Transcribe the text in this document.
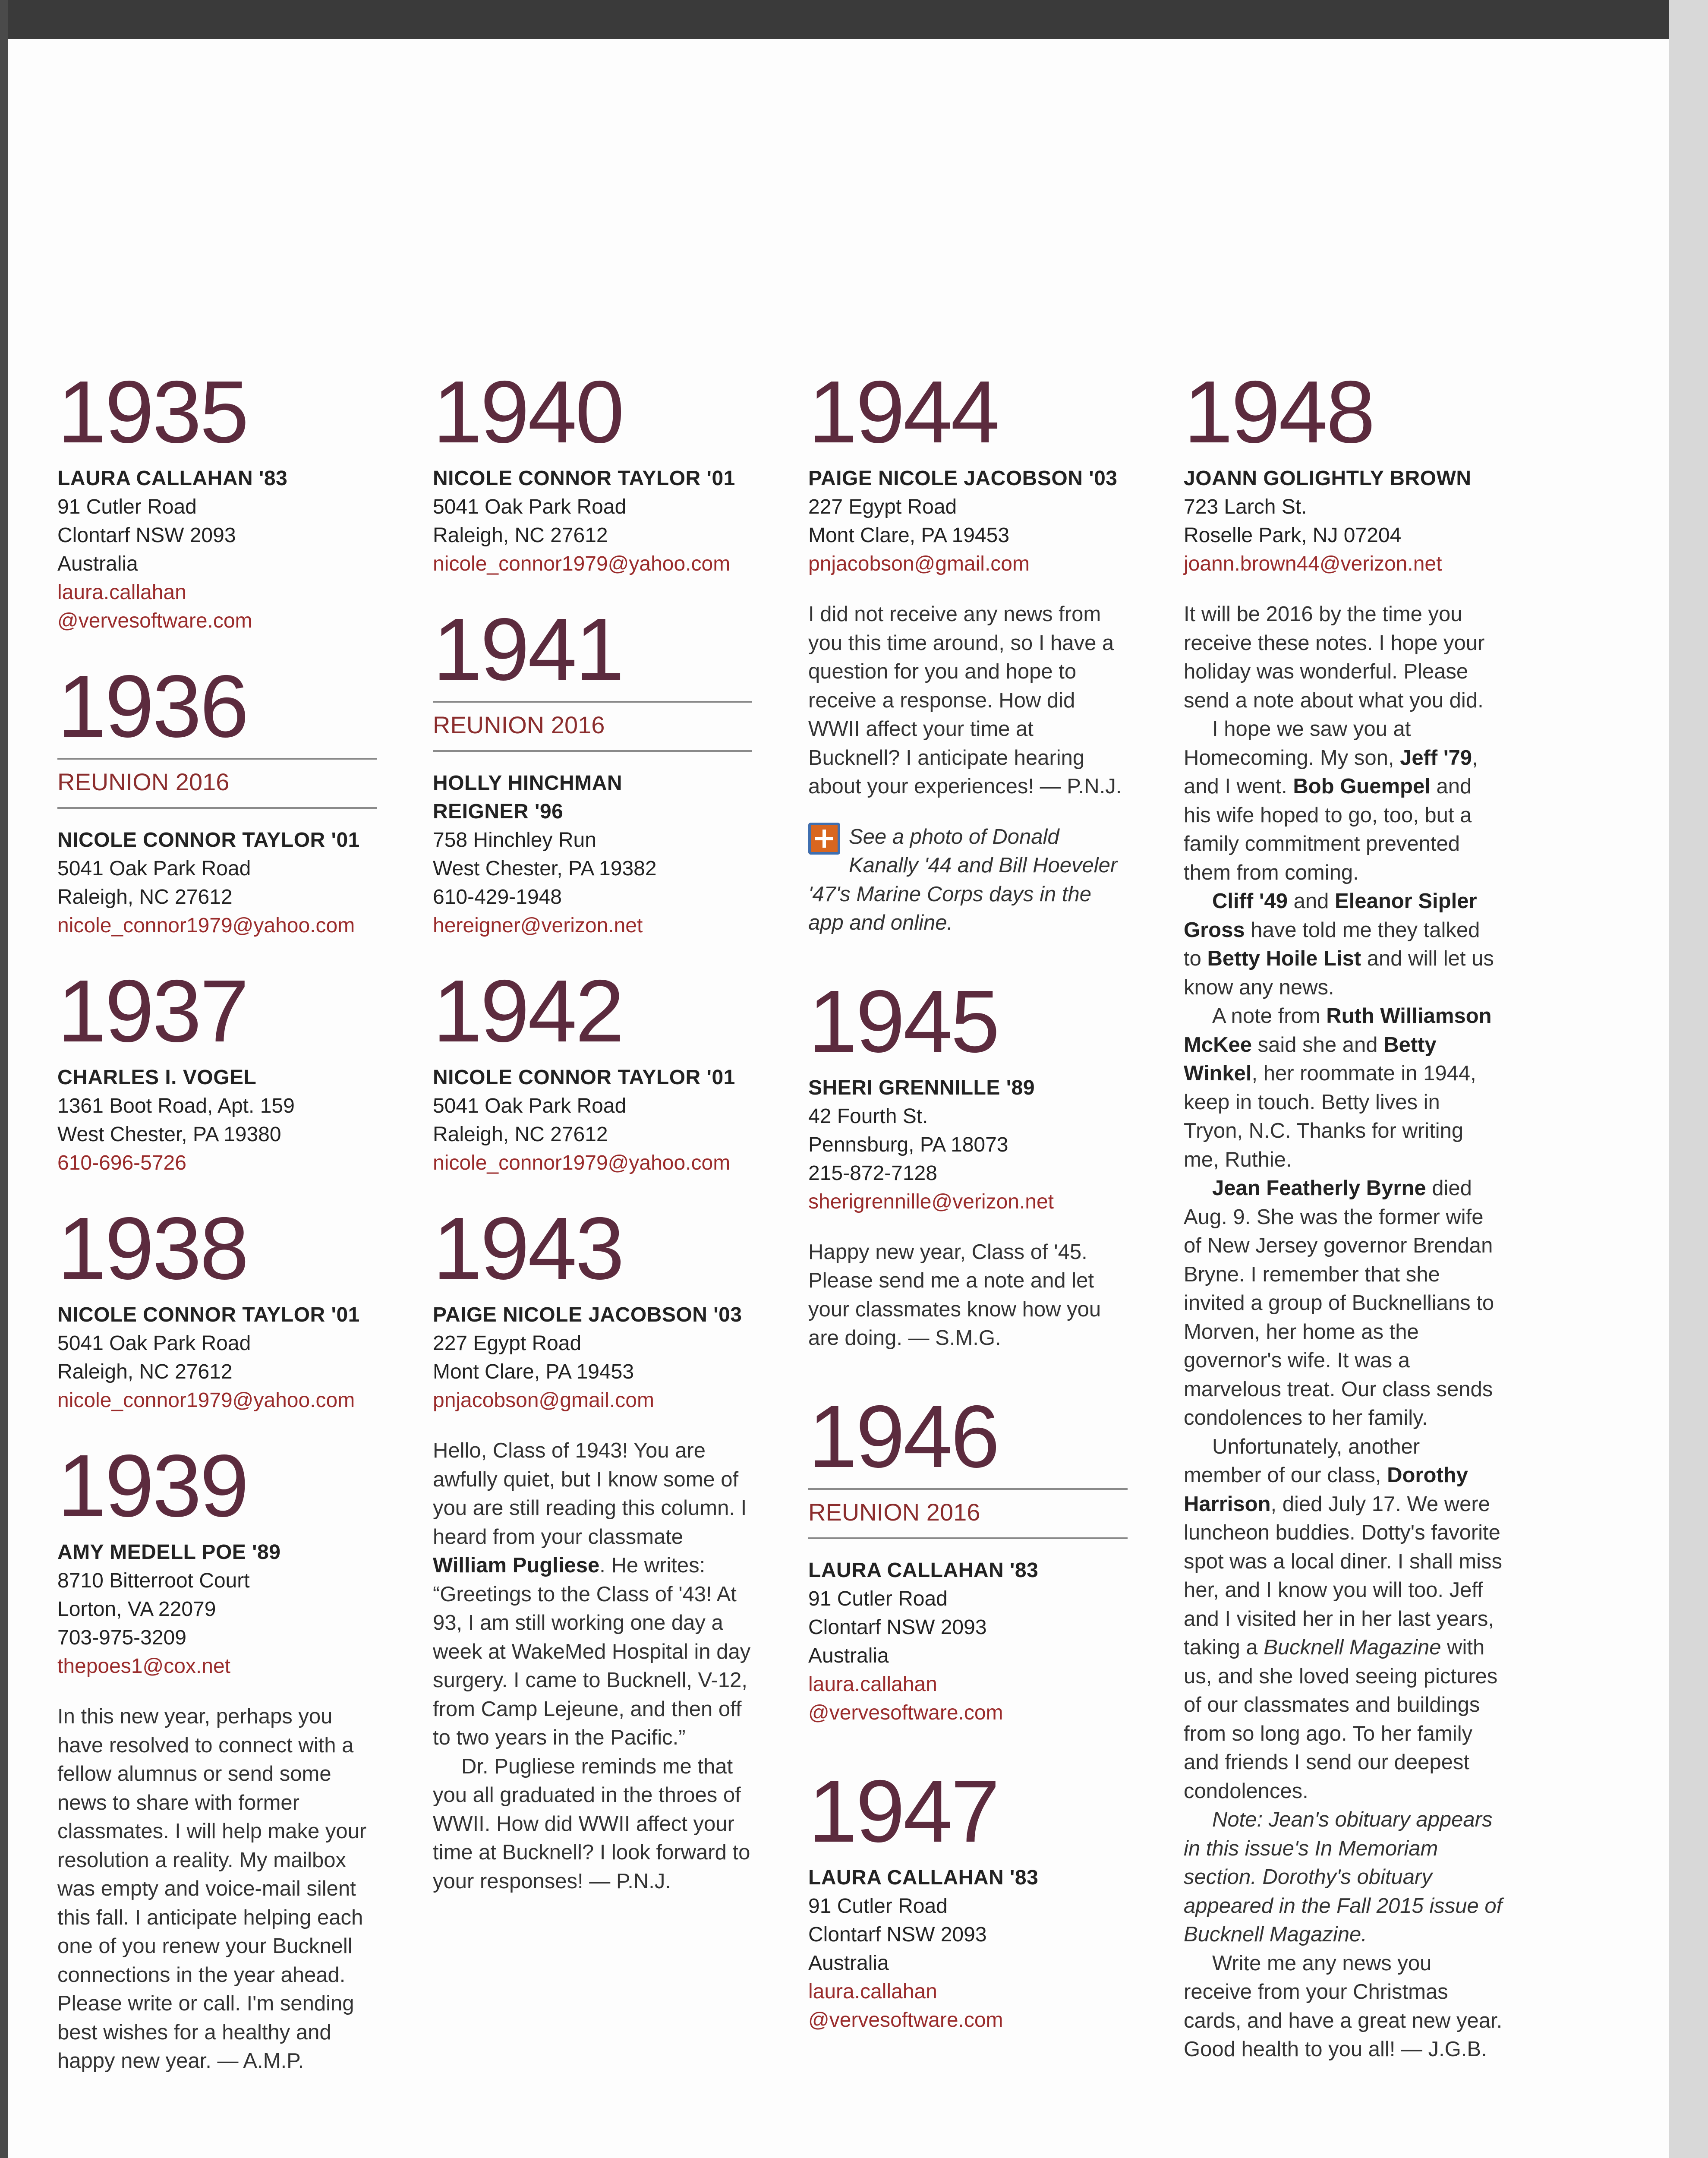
1935
LAURA CALLAHAN '83
91 Cutler Road
Clontarf NSW 2093
Australia
laura.callahan
@vervesoftware.com
1936
REUNION 2016
NICOLE CONNOR TAYLOR '01
5041 Oak Park Road
Raleigh, NC 27612
nicole_connor1979@yahoo.com
1937
CHARLES I. VOGEL
1361 Boot Road, Apt. 159
West Chester, PA 19380
610-696-5726
1938
NICOLE CONNOR TAYLOR '01
5041 Oak Park Road
Raleigh, NC 27612
nicole_connor1979@yahoo.com
1939
AMY MEDELL POE '89
8710 Bitterroot Court
Lorton, VA 22079
703-975-3209
thepoes1@cox.net

In this new year, perhaps you have resolved to connect with a fellow alumnus or send some news to share with former classmates. I will help make your resolution a reality. My mailbox was empty and voice-mail silent this fall. I anticipate helping each one of you renew your Bucknell connections in the year ahead. Please write or call. I'm sending best wishes for a healthy and happy new year. — A.M.P.

1940
NICOLE CONNOR TAYLOR '01
5041 Oak Park Road
Raleigh, NC 27612
nicole_connor1979@yahoo.com
1941
REUNION 2016
HOLLY HINCHMAN
REIGNER '96
758 Hinchley Run
West Chester, PA 19382
610-429-1948
hereigner@verizon.net
1942
NICOLE CONNOR TAYLOR '01
5041 Oak Park Road
Raleigh, NC 27612
nicole_connor1979@yahoo.com
1943
PAIGE NICOLE JACOBSON '03
227 Egypt Road
Mont Clare, PA 19453
pnjacobson@gmail.com

Hello, Class of 1943! You are awfully quiet, but I know some of you are still reading this column. I heard from your classmate William Pugliese. He writes: “Greetings to the Class of '43! At 93, I am still working one day a week at WakeMed Hospital in day surgery. I came to Bucknell, V-12, from Camp Lejeune, and then off to two years in the Pacific.”

Dr. Pugliese reminds me that you all graduated in the throes of WWII. How did WWII affect your time at Bucknell? I look forward to your responses! — P.N.J.

1944
PAIGE NICOLE JACOBSON '03
227 Egypt Road
Mont Clare, PA 19453
pnjacobson@gmail.com

I did not receive any news from you this time around, so I have a question for you and hope to receive a response. How did WWII affect your time at Bucknell? I anticipate hearing about your experiences! — P.N.J.

See a photo of Donald Kanally '44 and Bill Hoeveler '47's Marine Corps days in the app and online.
1945
SHERI GRENNILLE '89
42 Fourth St.
Pennsburg, PA 18073
215-872-7128
sherigrennille@verizon.net

Happy new year, Class of '45. Please send me a note and let your classmates know how you are doing. — S.M.G.

1946
REUNION 2016
LAURA CALLAHAN '83
91 Cutler Road
Clontarf NSW 2093
Australia
laura.callahan
@vervesoftware.com
1947
LAURA CALLAHAN '83
91 Cutler Road
Clontarf NSW 2093
Australia
laura.callahan
@vervesoftware.com
1948
JOANN GOLIGHTLY BROWN
723 Larch St.
Roselle Park, NJ 07204
joann.brown44@verizon.net

It will be 2016 by the time you receive these notes. I hope your holiday was wonderful. Please send a note about what you did.

I hope we saw you at Homecoming. My son, Jeff '79, and I went. Bob Guempel and his wife hoped to go, too, but a family commitment prevented them from coming.

Cliff '49 and Eleanor Sipler Gross have told me they talked to Betty Hoile List and will let us know any news.

A note from Ruth Williamson McKee said she and Betty Winkel, her roommate in 1944, keep in touch. Betty lives in Tryon, N.C. Thanks for writing me, Ruthie.

Jean Featherly Byrne died Aug. 9. She was the former wife of New Jersey governor Brendan Bryne. I remember that she invited a group of Bucknellians to Morven, her home as the governor's wife. It was a marvelous treat. Our class sends condolences to her family.

Unfortunately, another member of our class, Dorothy Harrison, died July 17. We were luncheon buddies. Dotty's favorite spot was a local diner. I shall miss her, and I know you will too. Jeff and I visited her in her last years, taking a Bucknell Magazine with us, and she loved seeing pictures of our classmates and buildings from so long ago. To her family and friends I send our deepest condolences.

Note: Jean's obituary appears in this issue's In Memoriam section. Dorothy's obituary appeared in the Fall 2015 issue of Bucknell Magazine.

Write me any news you receive from your Christmas cards, and have a great new year. Good health to you all! — J.G.B.
